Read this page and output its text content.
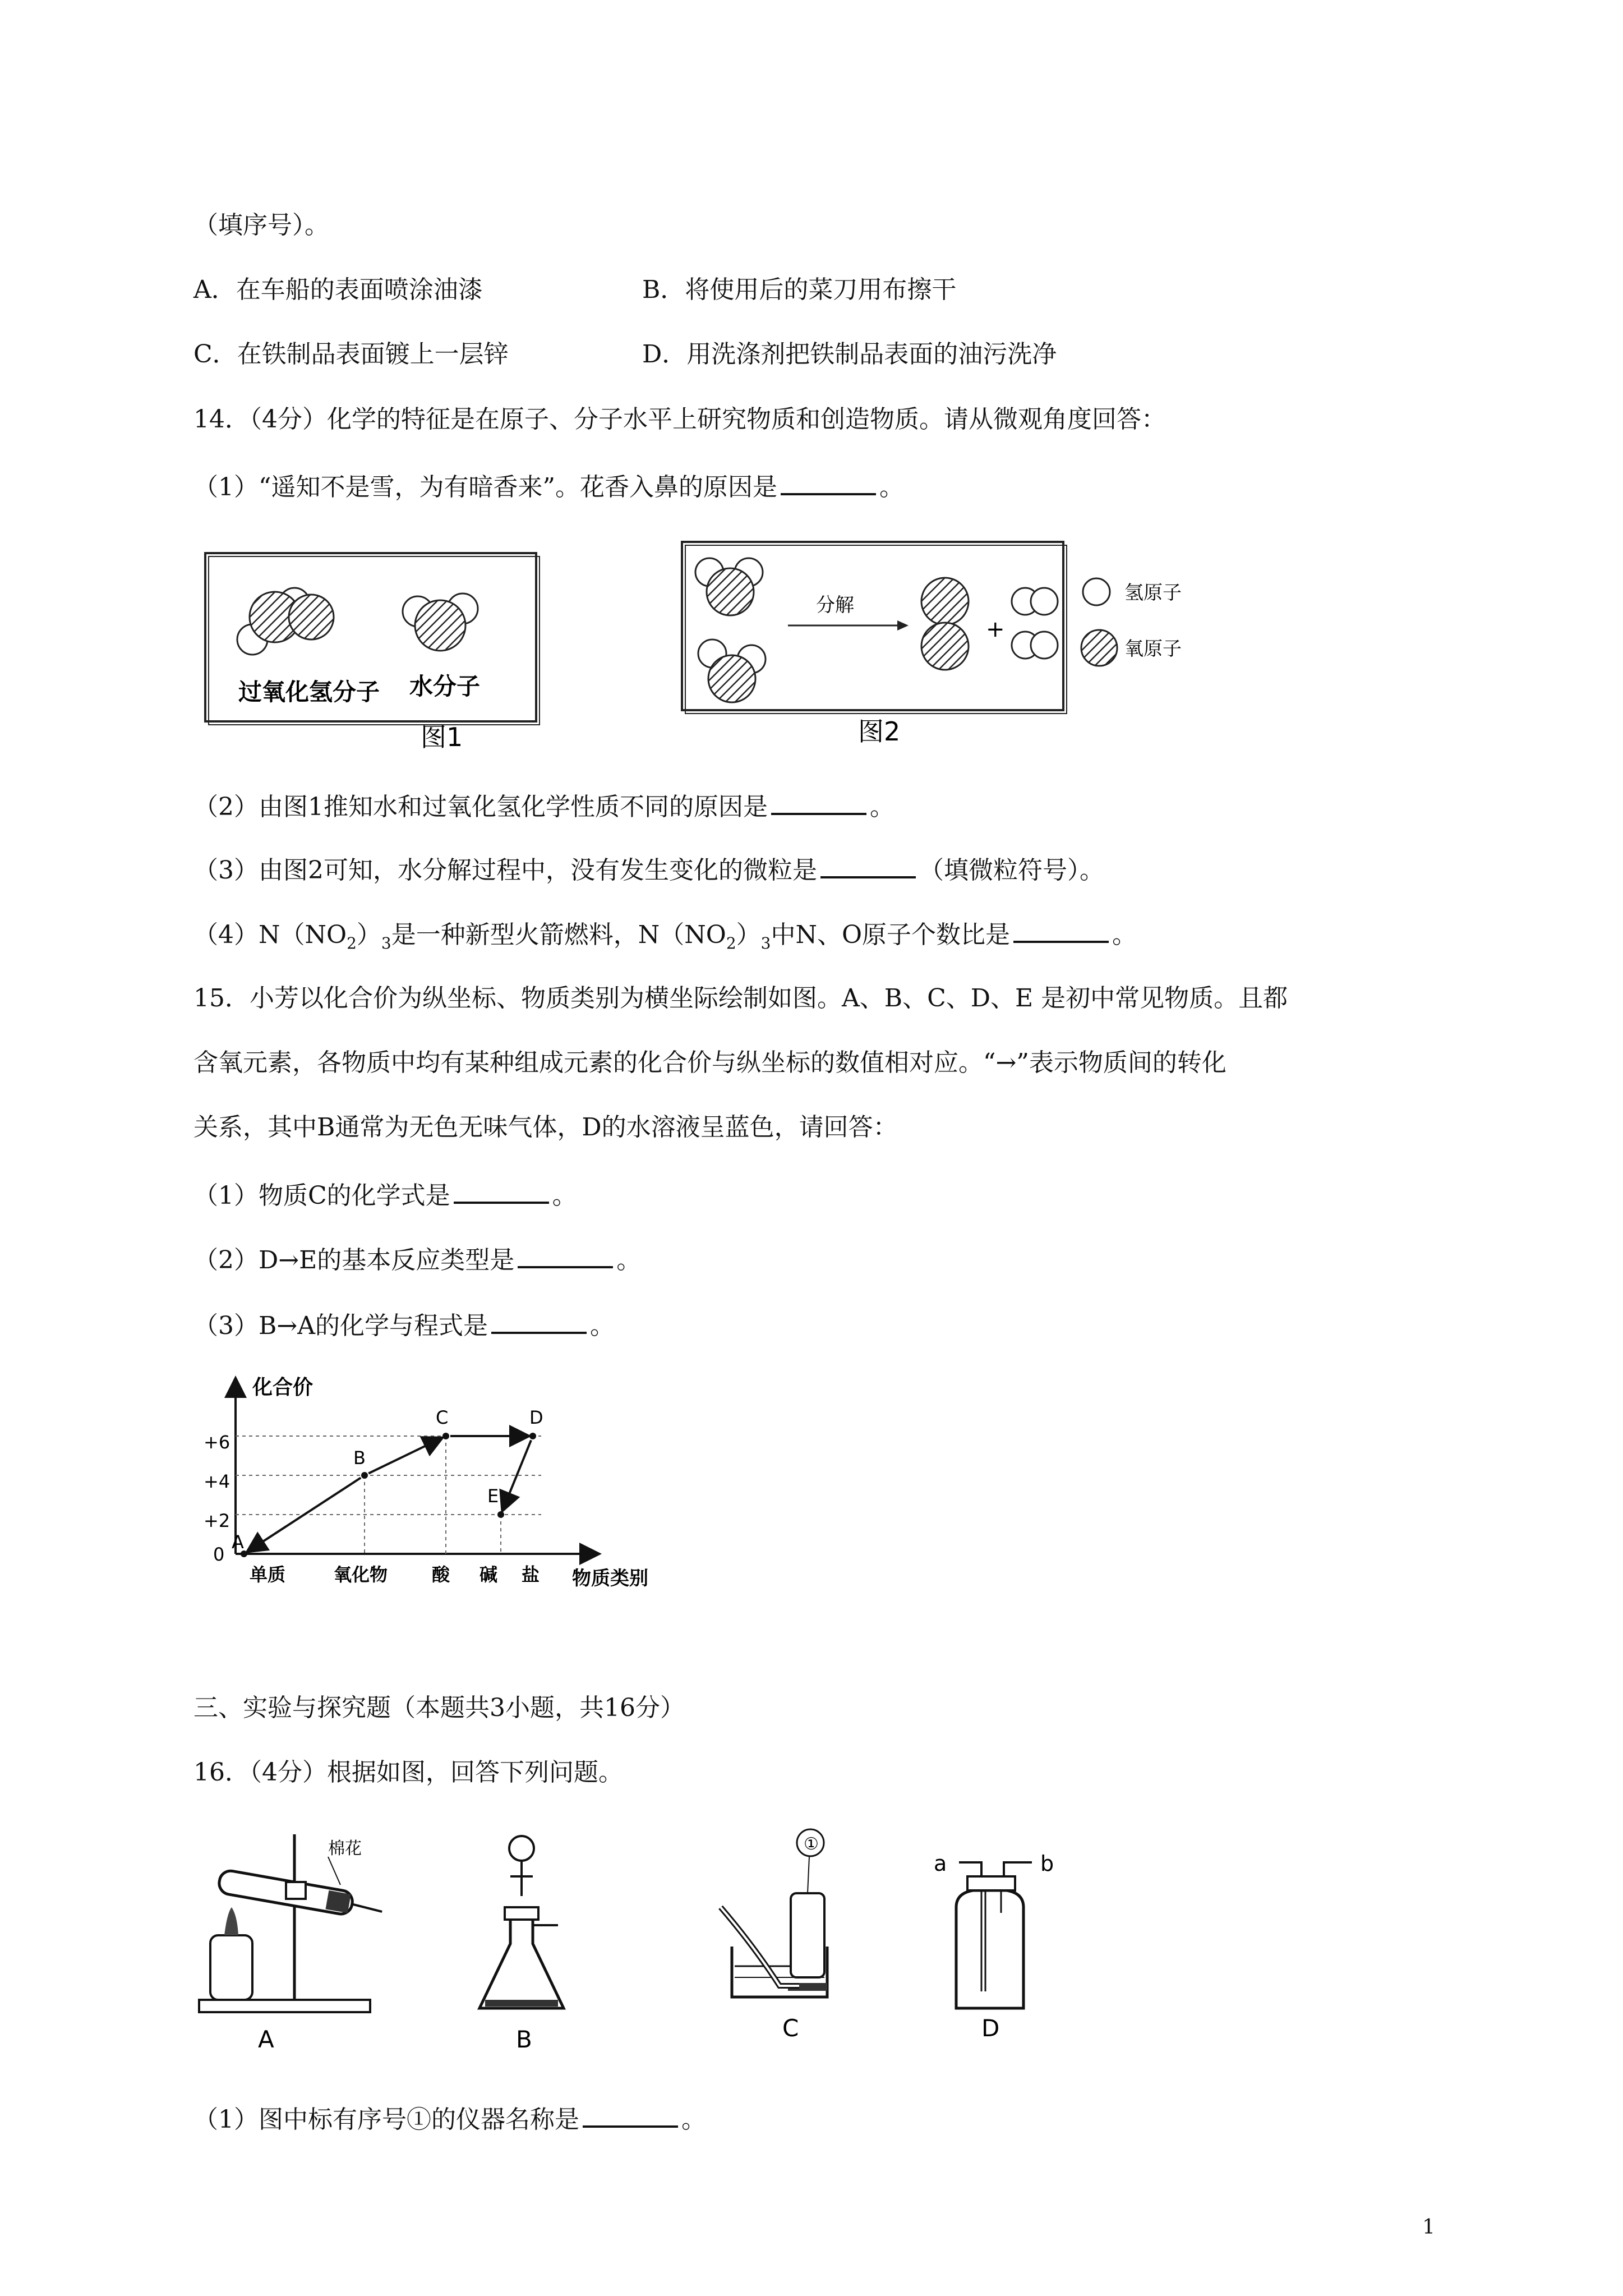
（填序号）。
A．在车船的表面喷涂油漆	B．将使用后的菜刀用布擦干
C．在铁制品表面镀上一层锌	D．用洗涤剂把铁制品表面的油污洗净
14．（4分）化学的特征是在原子、分子水平上研究物质和创造物质。请从微观角度回答：
（1）“遥知不是雪，为有暗香来”。花香入鼻的原因是	。
过氧化氢分子 水分子
图1
分解
+
氢原子
氧原子
图2
（2）由图1推知水和过氧化氢化学性质不同的原因是	。
（3）由图2可知，水分解过程中，没有发生变化的微粒是	（填微粒符号）。
$(4)N(NO_2)_3$是一种新型火箭燃料，$N(NO_2)_3$中N、O原子个数比是	。
15．小芳以化合价为纵坐标、物质类别为横坐际绘制如图。A、B、C、D、E 是初中常见物质。且都
含氧元素，各物质中均有某种组成元素的化合价与纵坐标的数值相对应。“→”表示物质间的转化
关系，其中B通常为无色无味气体，D的水溶液呈蓝色，请回答：
（1）物质C的化学式是	。
（2）D→E的基本反应类型是	。
（3）B→A的化学与程式是	。
化合价
物质类别
+6
+4
+2
0
单质	氧化物 酸 碱 盐
A
B
C	D
E
三、实验与探究题（本题共3小题，共16分）
16．（4分）根据如图，回答下列问题。
棉花
A	B
①
C
a	b
D
（1）图中标有序号①的仪器名称是	。
1
